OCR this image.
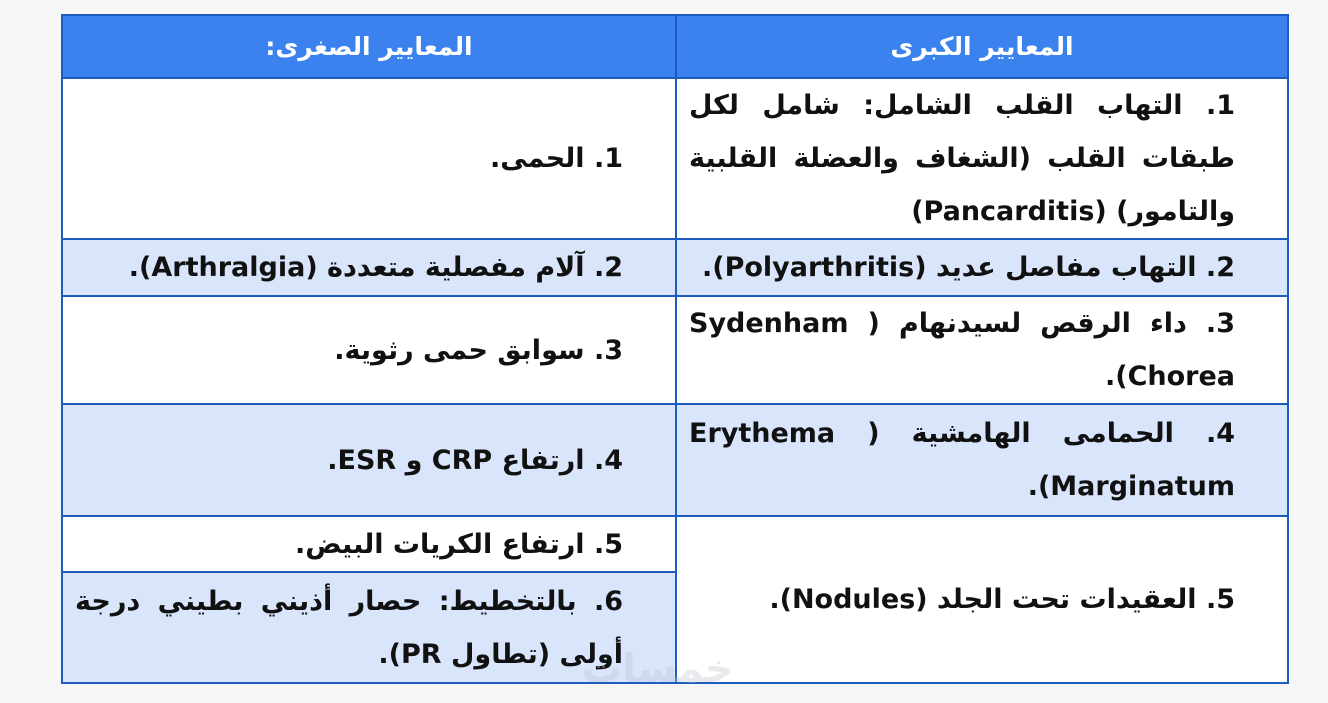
المعايير الكبرى	المعايير الصغرى:
1. التهاب القلب الشامل: شامل لكل طبقات القلب (الشغاف والعضلة القلبية والتامور) (Pancarditis)	1. الحمى.
2. التهاب مفاصل عديد (Polyarthritis).	2. آلام مفصلية متعددة (Arthralgia).
3. داء الرقص لسيدنهام ( Sydenham Chorea).	3. سوابق حمى رثوية.
4. الحمامى الهامشية ( Erythema Marginatum).	4. ارتفاع CRP و ESR.
5. العقيدات تحت الجلد (Nodules).	5. ارتفاع الكريات البيض.
	6. بالتخطيط: حصار أذيني بطيني درجة أولى (تطاول PR).
خمسات
